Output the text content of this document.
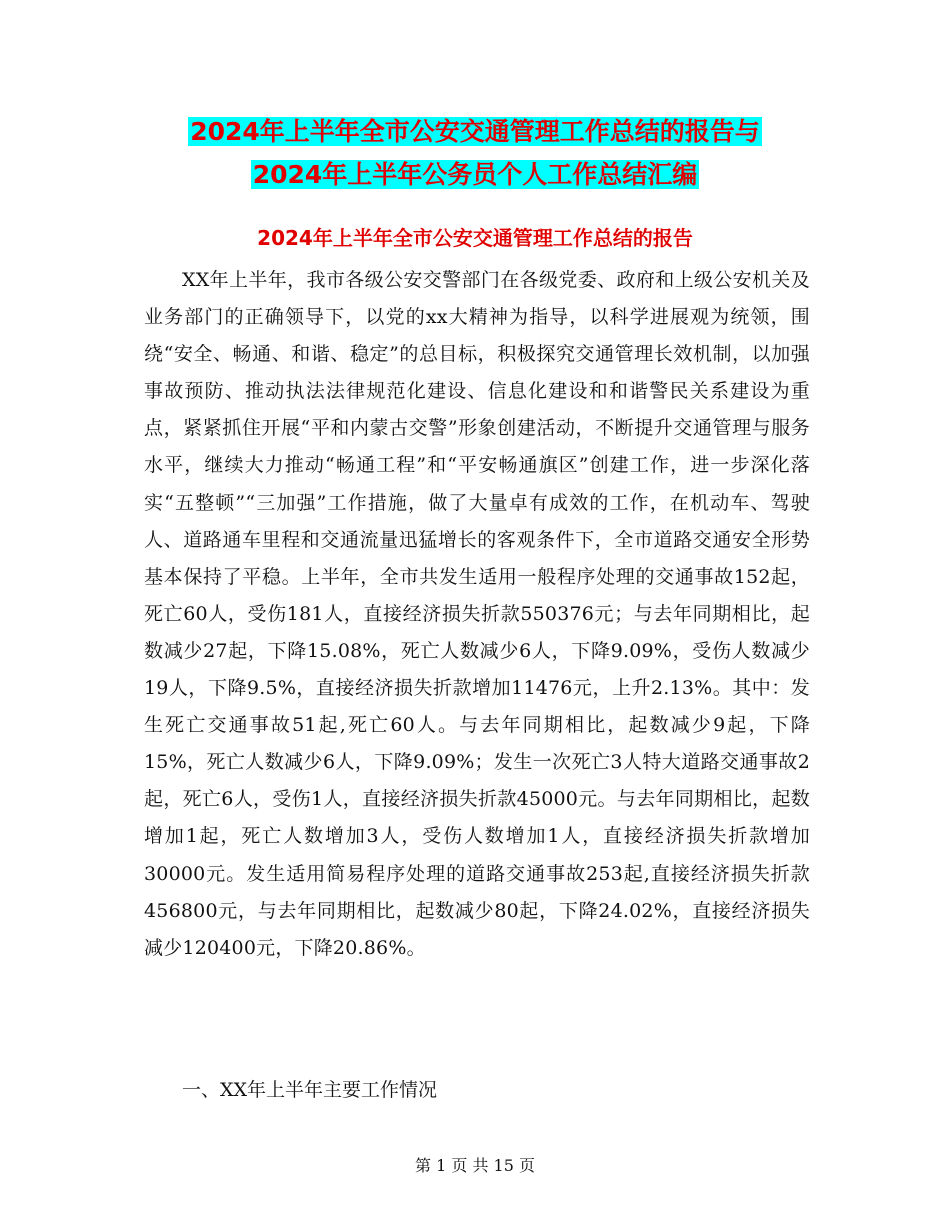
2024年上半年全市公安交通管理工作总结的报告与
2024年上半年公务员个人工作总结汇编
2024年上半年全市公安交通管理工作总结的报告

XX年上半年，我市各级公安交警部门在各级党委、政府和上级公安机关及业务部门的正确领导下，以党的xx大精神为指导，以科学进展观为统领，围绕“安全、畅通、和谐、稳定”的总目标，积极探究交通管理长效机制，以加强事故预防、推动执法法律规范化建设、信息化建设和和谐警民关系建设为重点，紧紧抓住开展“平和内蒙古交警”形象创建活动，不断提升交通管理与服务水平，继续大力推动“畅通工程”和“平安畅通旗区”创建工作，进一步深化落实“五整顿”“三加强”工作措施，做了大量卓有成效的工作，在机动车、驾驶人、道路通车里程和交通流量迅猛增长的客观条件下，全市道路交通安全形势基本保持了平稳。上半年，全市共发生适用一般程序处理的交通事故152起，死亡60人，受伤181人，直接经济损失折款550376元；与去年同期相比，起数减少27起，下降15.08%，死亡人数减少6人，下降9.09%，受伤人数减少19人，下降9.5%，直接经济损失折款增加11476元，上升2.13%。其中：发生死亡交通事故51起,死亡60人。与去年同期相比，起数减少9起，下降15%，死亡人数减少6人，下降9.09%；发生一次死亡3人特大道路交通事故2起，死亡6人，受伤1人，直接经济损失折款45000元。与去年同期相比，起数增加1起，死亡人数增加3人，受伤人数增加1人，直接经济损失折款增加30000元。发生适用简易程序处理的道路交通事故253起,直接经济损失折款456800元，与去年同期相比，起数减少80起，下降24.02%，直接经济损失减少120400元，下降20.86%。

一、XX年上半年主要工作情况

第 1 页 共 15 页
